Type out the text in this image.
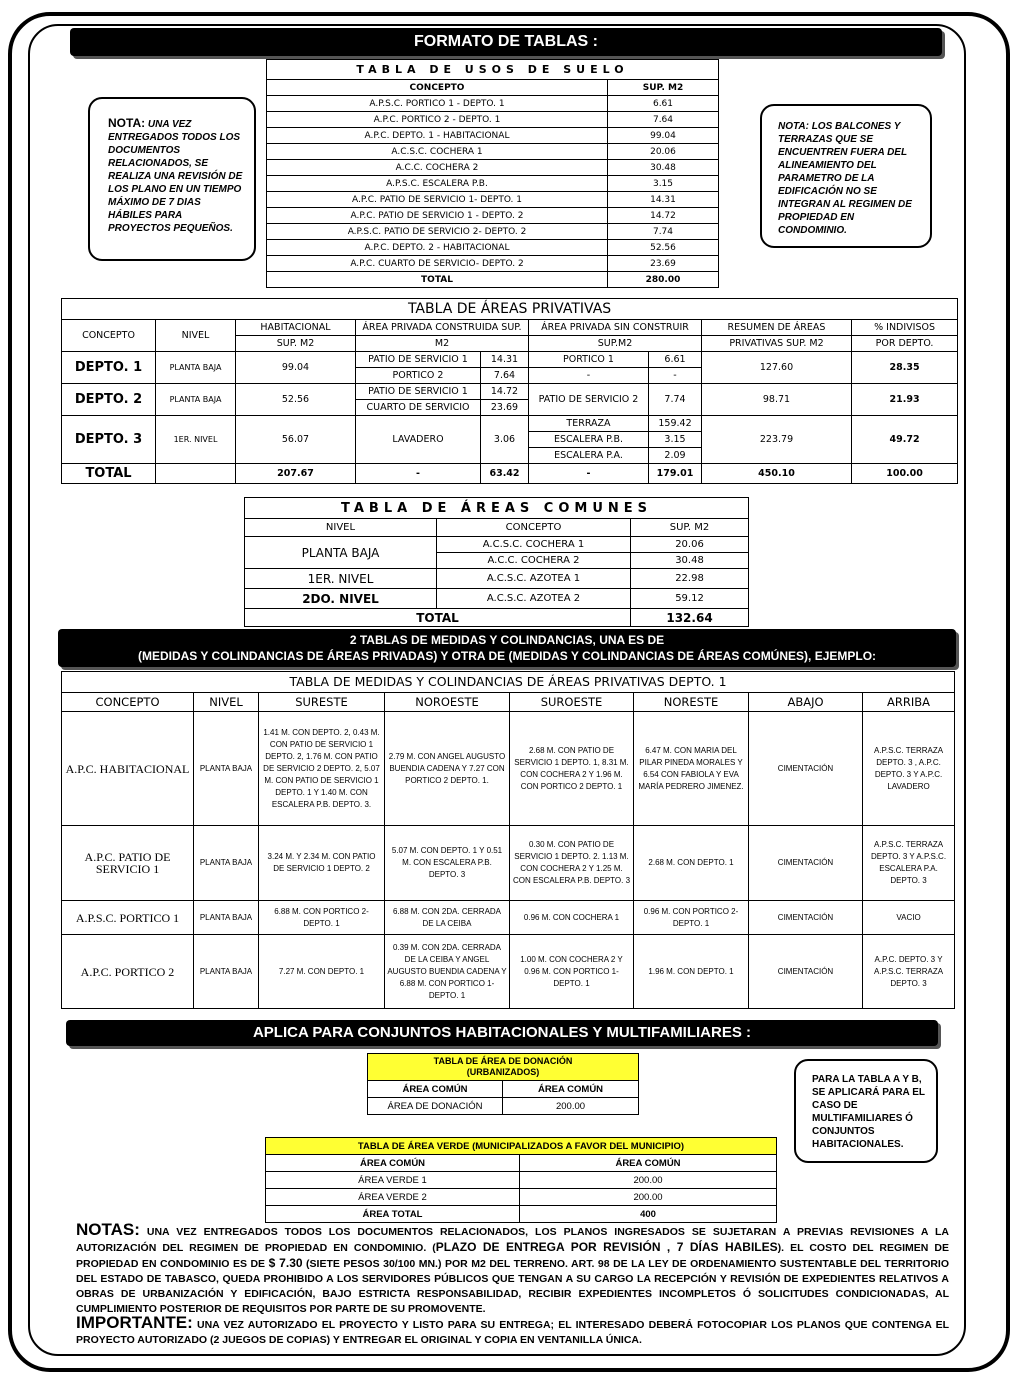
FORMATO DE TABLAS :
NOTA: UNA VEZ ENTREGADOS TODOS LOS DOCUMENTOS RELACIONADOS, SE REALIZA UNA REVISIÓN DE LOS PLANO EN UN TIEMPO MÁXIMO DE 7 DIAS HÁBILES PARA PROYECTOS PEQUEÑOS.
NOTA: LOS BALCONES Y TERRAZAS QUE SE ENCUENTREN FUERA DEL ALINEAMIENTO DEL PARAMETRO DE LA EDIFICACIÓN NO SE INTEGRAN AL REGIMEN DE PROPIEDAD EN CONDOMINIO.
TABLA DE USOS DE SUELO	
CONCEPTO	SUP. M2
A.P.S.C. PORTICO 1 - DEPTO. 1	6.61
A.P.C. PORTICO 2 - DEPTO. 1	7.64
A.P.C. DEPTO. 1 - HABITACIONAL	99.04
A.C.S.C. COCHERA 1	20.06
A.C.C. COCHERA 2	30.48
A.P.S.C. ESCALERA P.B.	3.15
A.P.C. PATIO DE SERVICIO 1- DEPTO. 1	14.31
A.P.C. PATIO DE SERVICIO 1 - DEPTO. 2	14.72
A.P.S.C. PATIO DE SERVICIO 2- DEPTO. 2	7.74
A.P.C. DEPTO. 2 - HABITACIONAL	52.56
A.P.C. CUARTO DE SERVICIO- DEPTO. 2	23.69
TOTAL	280.00
TABLA DE ÁREAS PRIVATIVAS								
CONCEPTO	NIVEL	HABITACIONAL	ÁREA PRIVADA CONSTRUIDA SUP.		ÁREA PRIVADA SIN CONSTRUIR		RESUMEN DE ÁREAS	% INDIVISOS
		SUP. M2	M2		SUP.M2		PRIVATIVAS SUP. M2	POR DEPTO.
DEPTO. 1	PLANTA BAJA	99.04	PATIO DE SERVICIO 1	14.31	PORTICO 1	6.61	127.60	28.35
			PORTICO 2	7.64	-	-		
DEPTO. 2	PLANTA BAJA	52.56	PATIO DE SERVICIO 1	14.72	PATIO DE SERVICIO 2	7.74	98.71	21.93
			CUARTO DE SERVICIO	23.69				
DEPTO. 3	1ER. NIVEL	56.07	LAVADERO	3.06	TERRAZA	159.42	223.79	49.72
					ESCALERA P.B.	3.15		
					ESCALERA P.A.	2.09		
TOTAL		207.67	-	63.42	-	179.01	450.10	100.00
TABLA DE ÁREAS COMUNES		
NIVEL	CONCEPTO	SUP. M2
PLANTA BAJA	A.C.S.C. COCHERA 1	20.06
	A.C.C. COCHERA 2	30.48
1ER. NIVEL	A.C.S.C. AZOTEA 1	22.98
2DO. NIVEL	A.C.S.C. AZOTEA 2	59.12
TOTAL		132.64
2 TABLAS DE MEDIDAS Y COLINDANCIAS, UNA ES DE
(MEDIDAS Y COLINDANCIAS DE ÁREAS PRIVADAS) Y OTRA DE (MEDIDAS Y COLINDANCIAS DE ÁREAS COMÚNES), EJEMPLO:
TABLA DE MEDIDAS Y COLINDANCIAS DE ÁREAS PRIVATIVAS DEPTO. 1							
CONCEPTO	NIVEL	SURESTE	NOROESTE	SUROESTE	NORESTE	ABAJO	ARRIBA
A.P.C. HABITACIONAL	PLANTA BAJA	1.41 M. CON DEPTO. 2, 0.43 M. CON PATIO DE SERVICIO 1 DEPTO. 2, 1.76 M. CON PATIO DE SERVICIO 2 DEPTO. 2, 5.07 M. CON PATIO DE SERVICIO 1 DEPTO. 1 Y 1.40 M. CON ESCALERA P.B. DEPTO. 3.	2.79 M. CON ANGEL AUGUSTO BUENDIA CADENA Y 7.27 CON PORTICO 2 DEPTO. 1.	2.68 M. CON PATIO DE SERVICIO 1 DEPTO. 1, 8.31 M. CON COCHERA 2 Y 1.96 M. CON PORTICO 2 DEPTO. 1	6.47 M. CON MARIA DEL PILAR PINEDA MORALES Y 6.54 CON FABIOLA Y EVA MARÍA PEDRERO JIMENEZ.	CIMENTACIÓN	A.P.S.C. TERRAZA DEPTO. 3 , A.P.C. DEPTO. 3 Y A.P.C. LAVADERO
A.P.C. PATIO DE SERVICIO 1	PLANTA BAJA	3.24 M. Y 2.34 M. CON PATIO DE SERVICIO 1 DEPTO. 2	5.07 M. CON DEPTO. 1 Y 0.51 M. CON ESCALERA P.B. DEPTO. 3	0.30 M. CON PATIO DE SERVICIO 1 DEPTO. 2. 1.13 M. CON COCHERA 2 Y 1.25 M. CON ESCALERA P.B. DEPTO. 3	2.68 M. CON DEPTO. 1	CIMENTACIÓN	A.P.S.C. TERRAZA DEPTO. 3 Y A.P.S.C. ESCALERA P.A. DEPTO. 3
A.P.S.C. PORTICO 1	PLANTA BAJA	6.88 M. CON PORTICO 2- DEPTO. 1	6.88 M. CON 2DA. CERRADA DE LA CEIBA	0.96 M. CON COCHERA 1	0.96 M. CON PORTICO 2- DEPTO. 1	CIMENTACIÓN	VACIO
A.P.C. PORTICO 2	PLANTA BAJA	7.27 M. CON DEPTO. 1	0.39 M. CON 2DA. CERRADA DE LA CEIBA Y ANGEL AUGUSTO BUENDIA CADENA Y 6.88 M. CON PORTICO 1- DEPTO. 1	1.00 M. CON COCHERA 2 Y 0.96 M. CON PORTICO 1- DEPTO. 1	1.96 M. CON DEPTO. 1	CIMENTACIÓN	A.P.C. DEPTO. 3 Y A.P.S.C. TERRAZA DEPTO. 3
APLICA PARA CONJUNTOS HABITACIONALES Y MULTIFAMILIARES :
TABLA DE ÁREA DE DONACIÓN
(URBANIZADOS)	

ÁREA COMÚN	ÁREA COMÚN
ÁREA DE DONACIÓN	200.00
TABLA DE ÁREA VERDE (MUNICIPALIZADOS A FAVOR DEL MUNICIPIO)	
ÁREA COMÚN	ÁREA COMÚN
ÁREA VERDE 1	200.00
ÁREA VERDE 2	200.00
ÁREA TOTAL	400
PARA LA TABLA A Y B, SE APLICARÁ PARA EL CASO DE MULTIFAMILIARES Ó CONJUNTOS HABITACIONALES.
NOTAS: UNA VEZ ENTREGADOS TODOS LOS DOCUMENTOS RELACIONADOS, LOS PLANOS INGRESADOS SE SUJETARAN A PREVIAS REVISIONES A LA AUTORIZACIÓN DEL REGIMEN DE PROPIEDAD EN CONDOMINIO. (PLAZO DE ENTREGA POR REVISIÓN , 7 DÍAS HABILES). EL COSTO DEL REGIMEN DE PROPIEDAD EN CONDOMINIO ES DE $ 7.30 (SIETE PESOS 30/100 MN.) POR M2 DEL TERRENO. ART. 98 DE LA LEY DE ORDENAMIENTO SUSTENTABLE DEL TERRITORIO DEL ESTADO DE TABASCO, QUEDA PROHIBIDO A LOS SERVIDORES PÚBLICOS QUE TENGAN A SU CARGO LA RECEPCIÓN Y REVISIÓN DE EXPEDIENTES RELATIVOS A OBRAS DE URBANIZACIÓN Y EDIFICACIÓN, BAJO ESTRICTA RESPONSABILIDAD, RECIBIR EXPEDIENTES INCOMPLETOS Ó SOLICITUDES CONDICIONADAS, AL CUMPLIMIENTO POSTERIOR DE REQUISITOS POR PARTE DE SU PROMOVENTE.
IMPORTANTE: UNA VEZ AUTORIZADO EL PROYECTO Y LISTO PARA SU ENTREGA; EL INTERESADO DEBERÁ FOTOCOPIAR LOS PLANOS QUE CONTENGA EL PROYECTO AUTORIZADO (2 JUEGOS DE COPIAS) Y ENTREGAR EL ORIGINAL Y COPIA EN VENTANILLA ÚNICA.
